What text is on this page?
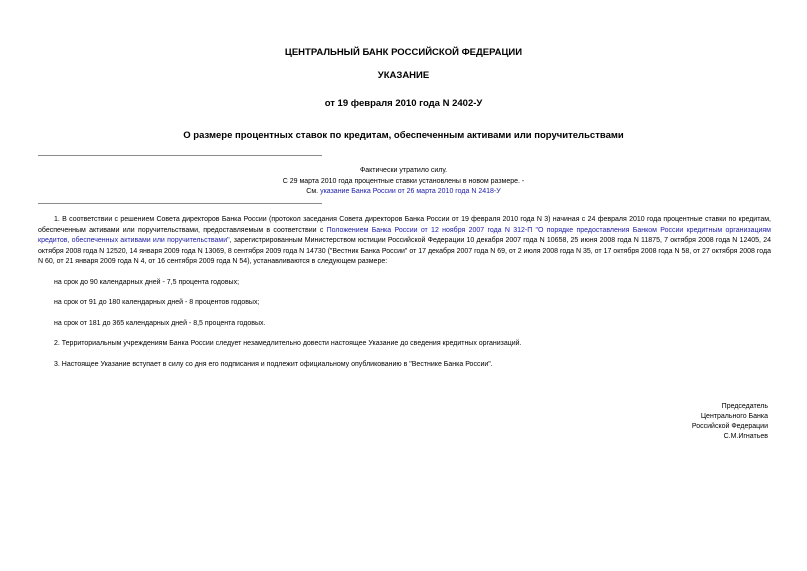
ЦЕНТРАЛЬНЫЙ БАНК РОССИЙСКОЙ ФЕДЕРАЦИИ
УКАЗАНИЕ
от 19 февраля 2010 года N 2402-У
О размере процентных ставок по кредитам, обеспеченным активами или поручительствами
Фактически утратило силу.
С 29 марта 2010 года процентные ставки установлены в новом размере. -
См. указание Банка России от 26 марта 2010 года N 2418-У
1. В соответствии с решением Совета директоров Банка России (протокол заседания Совета директоров Банка России от 19 февраля 2010 года N 3) начиная с 24 февраля 2010 года процентные ставки по кредитам, обеспеченным активами или поручительствами, предоставляемым в соответствии с Положением Банка России от 12 ноября 2007 года N 312-П "О порядке предоставления Банком России кредитным организациям кредитов, обеспеченных активами или поручительствами", зарегистрированным Министерством юстиции Российской Федерации 10 декабря 2007 года N 10658, 25 июня 2008 года N 11875, 7 октября 2008 года N 12405, 24 октября 2008 года N 12520, 14 января 2009 года N 13069, 8 сентября 2009 года N 14730 ("Вестник Банка России" от 17 декабря 2007 года N 69, от 2 июля 2008 года N 35, от 17 октября 2008 года N 58, от 27 октября 2008 года N 60, от 21 января 2009 года N 4, от 16 сентября 2009 года N 54), устанавливаются в следующем размере:
на срок до 90 календарных дней - 7,5 процента годовых;
на срок от 91 до 180 календарных дней - 8 процентов годовых;
на срок от 181 до 365 календарных дней - 8,5 процента годовых.
2. Территориальным учреждениям Банка России следует незамедлительно довести настоящее Указание до сведения кредитных организаций.
3. Настоящее Указание вступает в силу со дня его подписания и подлежит официальному опубликованию в "Вестнике Банка России".
Председатель
Центрального Банка
Российской Федерации
С.М.Игнатьев
